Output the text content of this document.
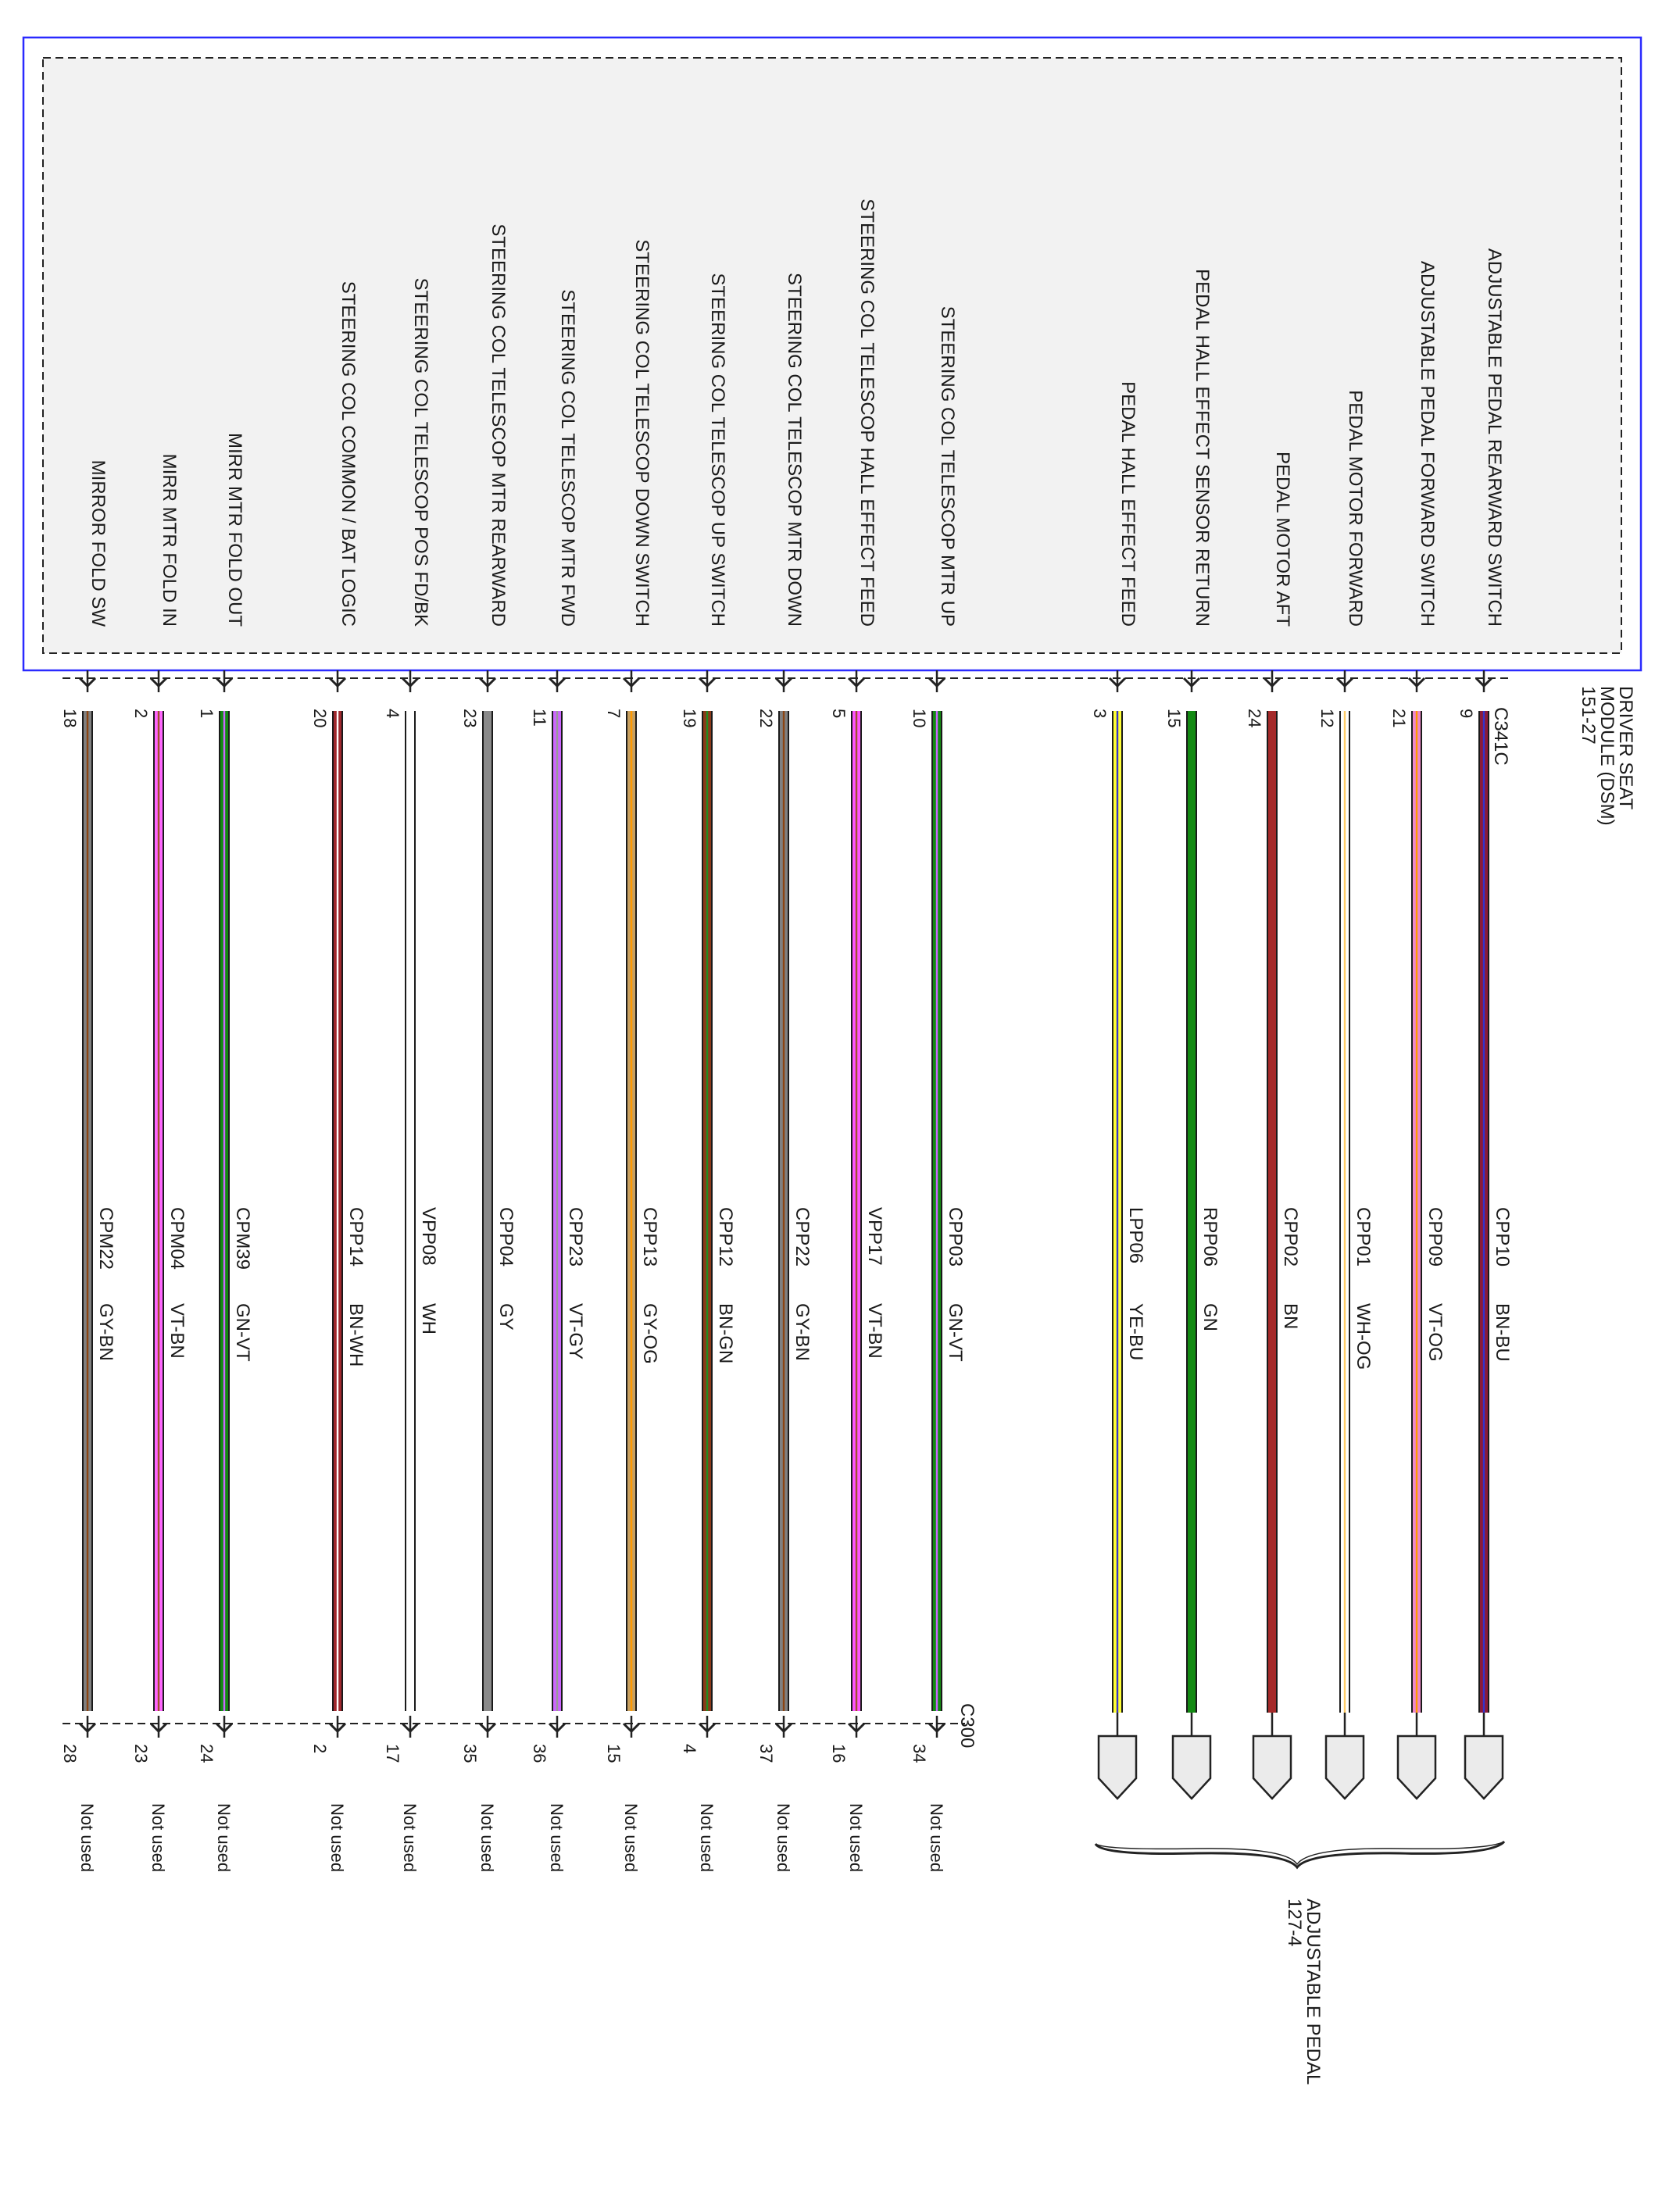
DRIVER SEAT
MODULE (DSM)
151-27
C341C
C300
ADJUSTABLE PEDAL
127-4
MIRROR FOLD SW
18
CPM22
GY-BN
28
Not used
MIRR MTR FOLD IN
2
CPM04
VT-BN
23
Not used
MIRR MTR FOLD OUT
1
CPM39
GN-VT
24
Not used
STEERING COL COMMON / BAT LOGIC
20
CPP14
BN-WH
2
Not used
STEERING COL TELESCOP POS FD/BK
4
VPP08
WH
17
Not used
STEERING COL TELESCOP MTR REARWARD
23
CPP04
GY
35
Not used
STEERING COL TELESCOP MTR FWD
11
CPP23
VT-GY
36
Not used
STEERING COL TELESCOP DOWN SWITCH
7
CPP13
GY-OG
15
Not used
STEERING COL TELESCOP UP SWITCH
19
CPP12
BN-GN
4
Not used
STEERING COL TELESCOP MTR DOWN
22
CPP22
GY-BN
37
Not used
STEERING COL TELESCOP HALL EFFECT FEED
5
VPP17
VT-BN
16
Not used
STEERING COL TELESCOP MTR UP
10
CPP03
GN-VT
34
Not used
PEDAL HALL EFFECT FEED
3
LPP06
YE-BU
PEDAL HALL EFFECT SENSOR RETURN
15
RPP06
GN
PEDAL MOTOR AFT
24
CPP02
BN
PEDAL MOTOR FORWARD
12
CPP01
WH-OG
ADJUSTABLE PEDAL FORWARD SWITCH
21
CPP09
VT-OG
ADJUSTABLE PEDAL REARWARD SWITCH
9
CPP10
BN-BU
